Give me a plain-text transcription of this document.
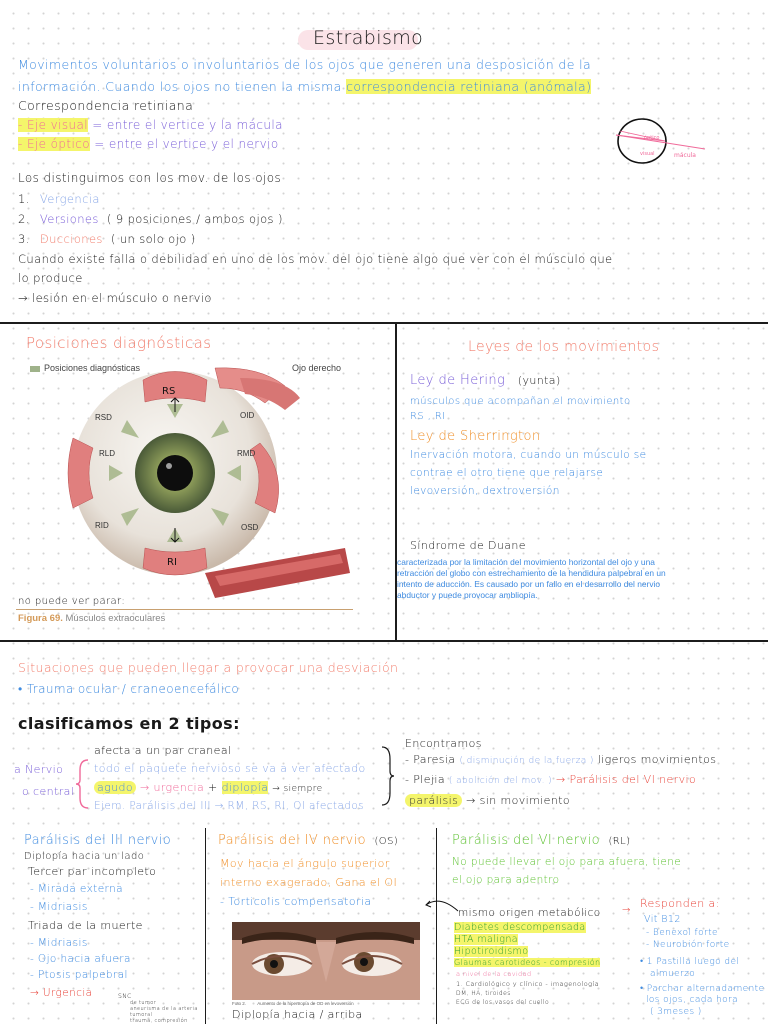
Estrabismo
Movimentos voluntarios o involuntarios de los ojos que generen una desposición de la
información. Cuando los ojos no tienen la misma correspondencia retiniana (anómala)
Correspondencia retiniana
- Eje visual = entre el vertice y la mácula
- Eje óptico = entre el vertice y el nervio	óptico
visual	mácula
Los distinguimos con los mov. de los ojos
1. Vergencia
2. Versiones ( 9 posiciones / ambos ojos )
3. Ducciones ( un solo ojo )
Cuando existe falla o debilidad en uno de los mov. del ojo tiene algo que ver con el músculo que
lo produce
→ lesión en el músculo o nervio
Posiciones diagnósticas
Posiciones diagnósticas	Ojo derecho
RS
OID
RSD
RLD	RMD
RID	OSD
RI
no puede ver parar:
Figura 69. Músculos extraoculares
Leyes de los movimientos
Ley de Hering (yunta)
músculos que acompañan el movimiento
RS , RI
Ley de Sherrington
Inervación motora, cuando un músculo se
contrae el otro tiene que relajarse
levoversión, dextroversión
Síndrome de Duane
caracterizada por la limitación del movimiento horizontal del ojo y una
retracción del globo con estrechamiento de la hendidura palpebral en un
intento de aducción. Es causado por un fallo en el desarrollo del nervio
abductor y puede provocar ambliopía.
Situaciones que pueden llegar a provocar una desviación
• Trauma ocular / craneoencefálico
clasificamos en 2 tipos:
a Nervio
o central
afecta a un par craneal
todo el paquete nervioso se va a ver afectado
agudo → urgencia + diplopía → siempre
Ejem. Parálisis del III → RM, RS, RI, OI afectados
Encontramos
- Paresia ( disminución de la fuerza ) ligeros movimientos
- Plejia ( abolición del mov. ) → Parálisis del VI nervio
parálisis → sin movimiento
Parálisis del III nervio
Diplopía hacia un lado
Tercer par incompleto
- Mirada externa
- Midriasis
Triada de la muerte
- Midriasis
- Ojo hacia afuera
- Ptosis palpebral
→ Urgencia	SNC
de tumor
aneurisma de la arteria
tumoral
trauma, compresión
Parálisis del IV nervio (OS)
Mov hacia el ángulo superior
interno exagerado, Gana el OI
- Torticolis compensatoria
Foto 2.	Aumento de la hipertropía de OD en levoversión
Diplopía hacia / arriba
Parálisis del VI nervio (RL)
No puede llevar el ojo para afuera, tiene
el ojo para adentro
mismo origen metabólico →
Diabetes descompensada
HTA maligna
Hipotiroidismo
Glaumas carotideos - compresión
a nivel de la cavidad
1. Cardiológico y clínico - imagenología
DM, HA, tiroides
ECG de los vasos del cuello
Responden a:
Vit B12
- Benexol forte
- Neurobión forte
• 1 Pastilla luego del
almuerzo
• Parchar alternadamente
los ojos, cada hora
( 3meses )
